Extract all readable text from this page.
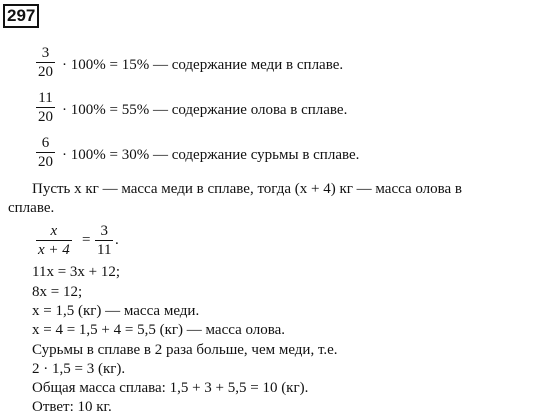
297
$\frac{3}{20} \cdot 100\% = 15\%$ — содержание меди в сплаве.
$\frac{11}{20} \cdot 100\% = 55\%$ — содержание олова в сплаве.
$\frac{6}{20} \cdot 100\% = 30\%$ — содержание сурьмы в сплаве.
Пусть x кг — масса меди в сплаве, тогда (x + 4) кг — масса олова в
сплаве.
$\frac{x}{x + 4} = \frac{3}{11}$ .
11x = 3x + 12;
8x = 12;
x = 1,5 (кг) — масса меди.
x = 4 = 1,5 + 4 = 5,5 (кг) — масса олова.
Сурьмы в сплаве в 2 раза больше, чем меди, т.е.
2 · 1,5 = 3 (кг).
Общая масса сплава: 1,5 + 3 + 5,5 = 10 (кг).
Ответ: 10 кг.
